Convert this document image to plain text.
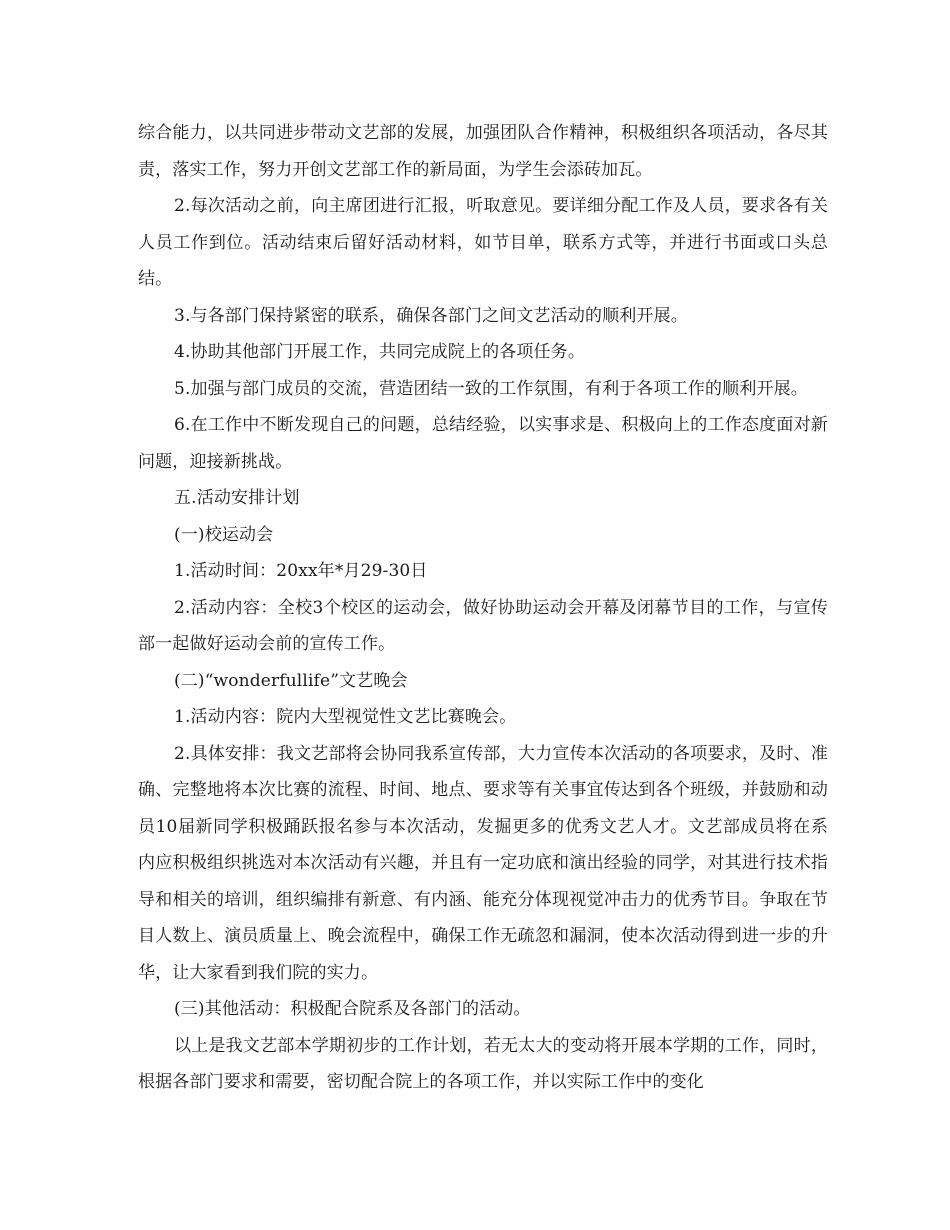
综合能力，以共同进步带动文艺部的发展，加强团队合作精神，积极组织各项活动，各尽其责，落实工作，努力开创文艺部工作的新局面，为学生会添砖加瓦。

2.每次活动之前，向主席团进行汇报，听取意见。要详细分配工作及人员，要求各有关人员工作到位。活动结束后留好活动材料，如节目单，联系方式等，并进行书面或口头总结。

3.与各部门保持紧密的联系，确保各部门之间文艺活动的顺利开展。

4.协助其他部门开展工作，共同完成院上的各项任务。

5.加强与部门成员的交流，营造团结一致的工作氛围，有利于各项工作的顺利开展。

6.在工作中不断发现自己的问题，总结经验，以实事求是、积极向上的工作态度面对新问题，迎接新挑战。

五.活动安排计划

(一)校运动会

1.活动时间：20xx年*月29-30日

2.活动内容：全校3个校区的运动会，做好协助运动会开幕及闭幕节目的工作，与宣传部一起做好运动会前的宣传工作。

(二)“wonderfullife”文艺晚会

1.活动内容：院内大型视觉性文艺比赛晚会。

2.具体安排：我文艺部将会协同我系宣传部，大力宣传本次活动的各项要求，及时、准确、完整地将本次比赛的流程、时间、地点、要求等有关事宜传达到各个班级，并鼓励和动员10届新同学积极踊跃报名参与本次活动，发掘更多的优秀文艺人才。文艺部成员将在系内应积极组织挑选对本次活动有兴趣，并且有一定功底和演出经验的同学，对其进行技术指导和相关的培训，组织编排有新意、有内涵、能充分体现视觉冲击力的优秀节目。争取在节目人数上、演员质量上、晚会流程中，确保工作无疏忽和漏洞，使本次活动得到进一步的升华，让大家看到我们院的实力。

(三)其他活动：积极配合院系及各部门的活动。

以上是我文艺部本学期初步的工作计划，若无太大的变动将开展本学期的工作，同时，根据各部门要求和需要，密切配合院上的各项工作，并以实际工作中的变化
